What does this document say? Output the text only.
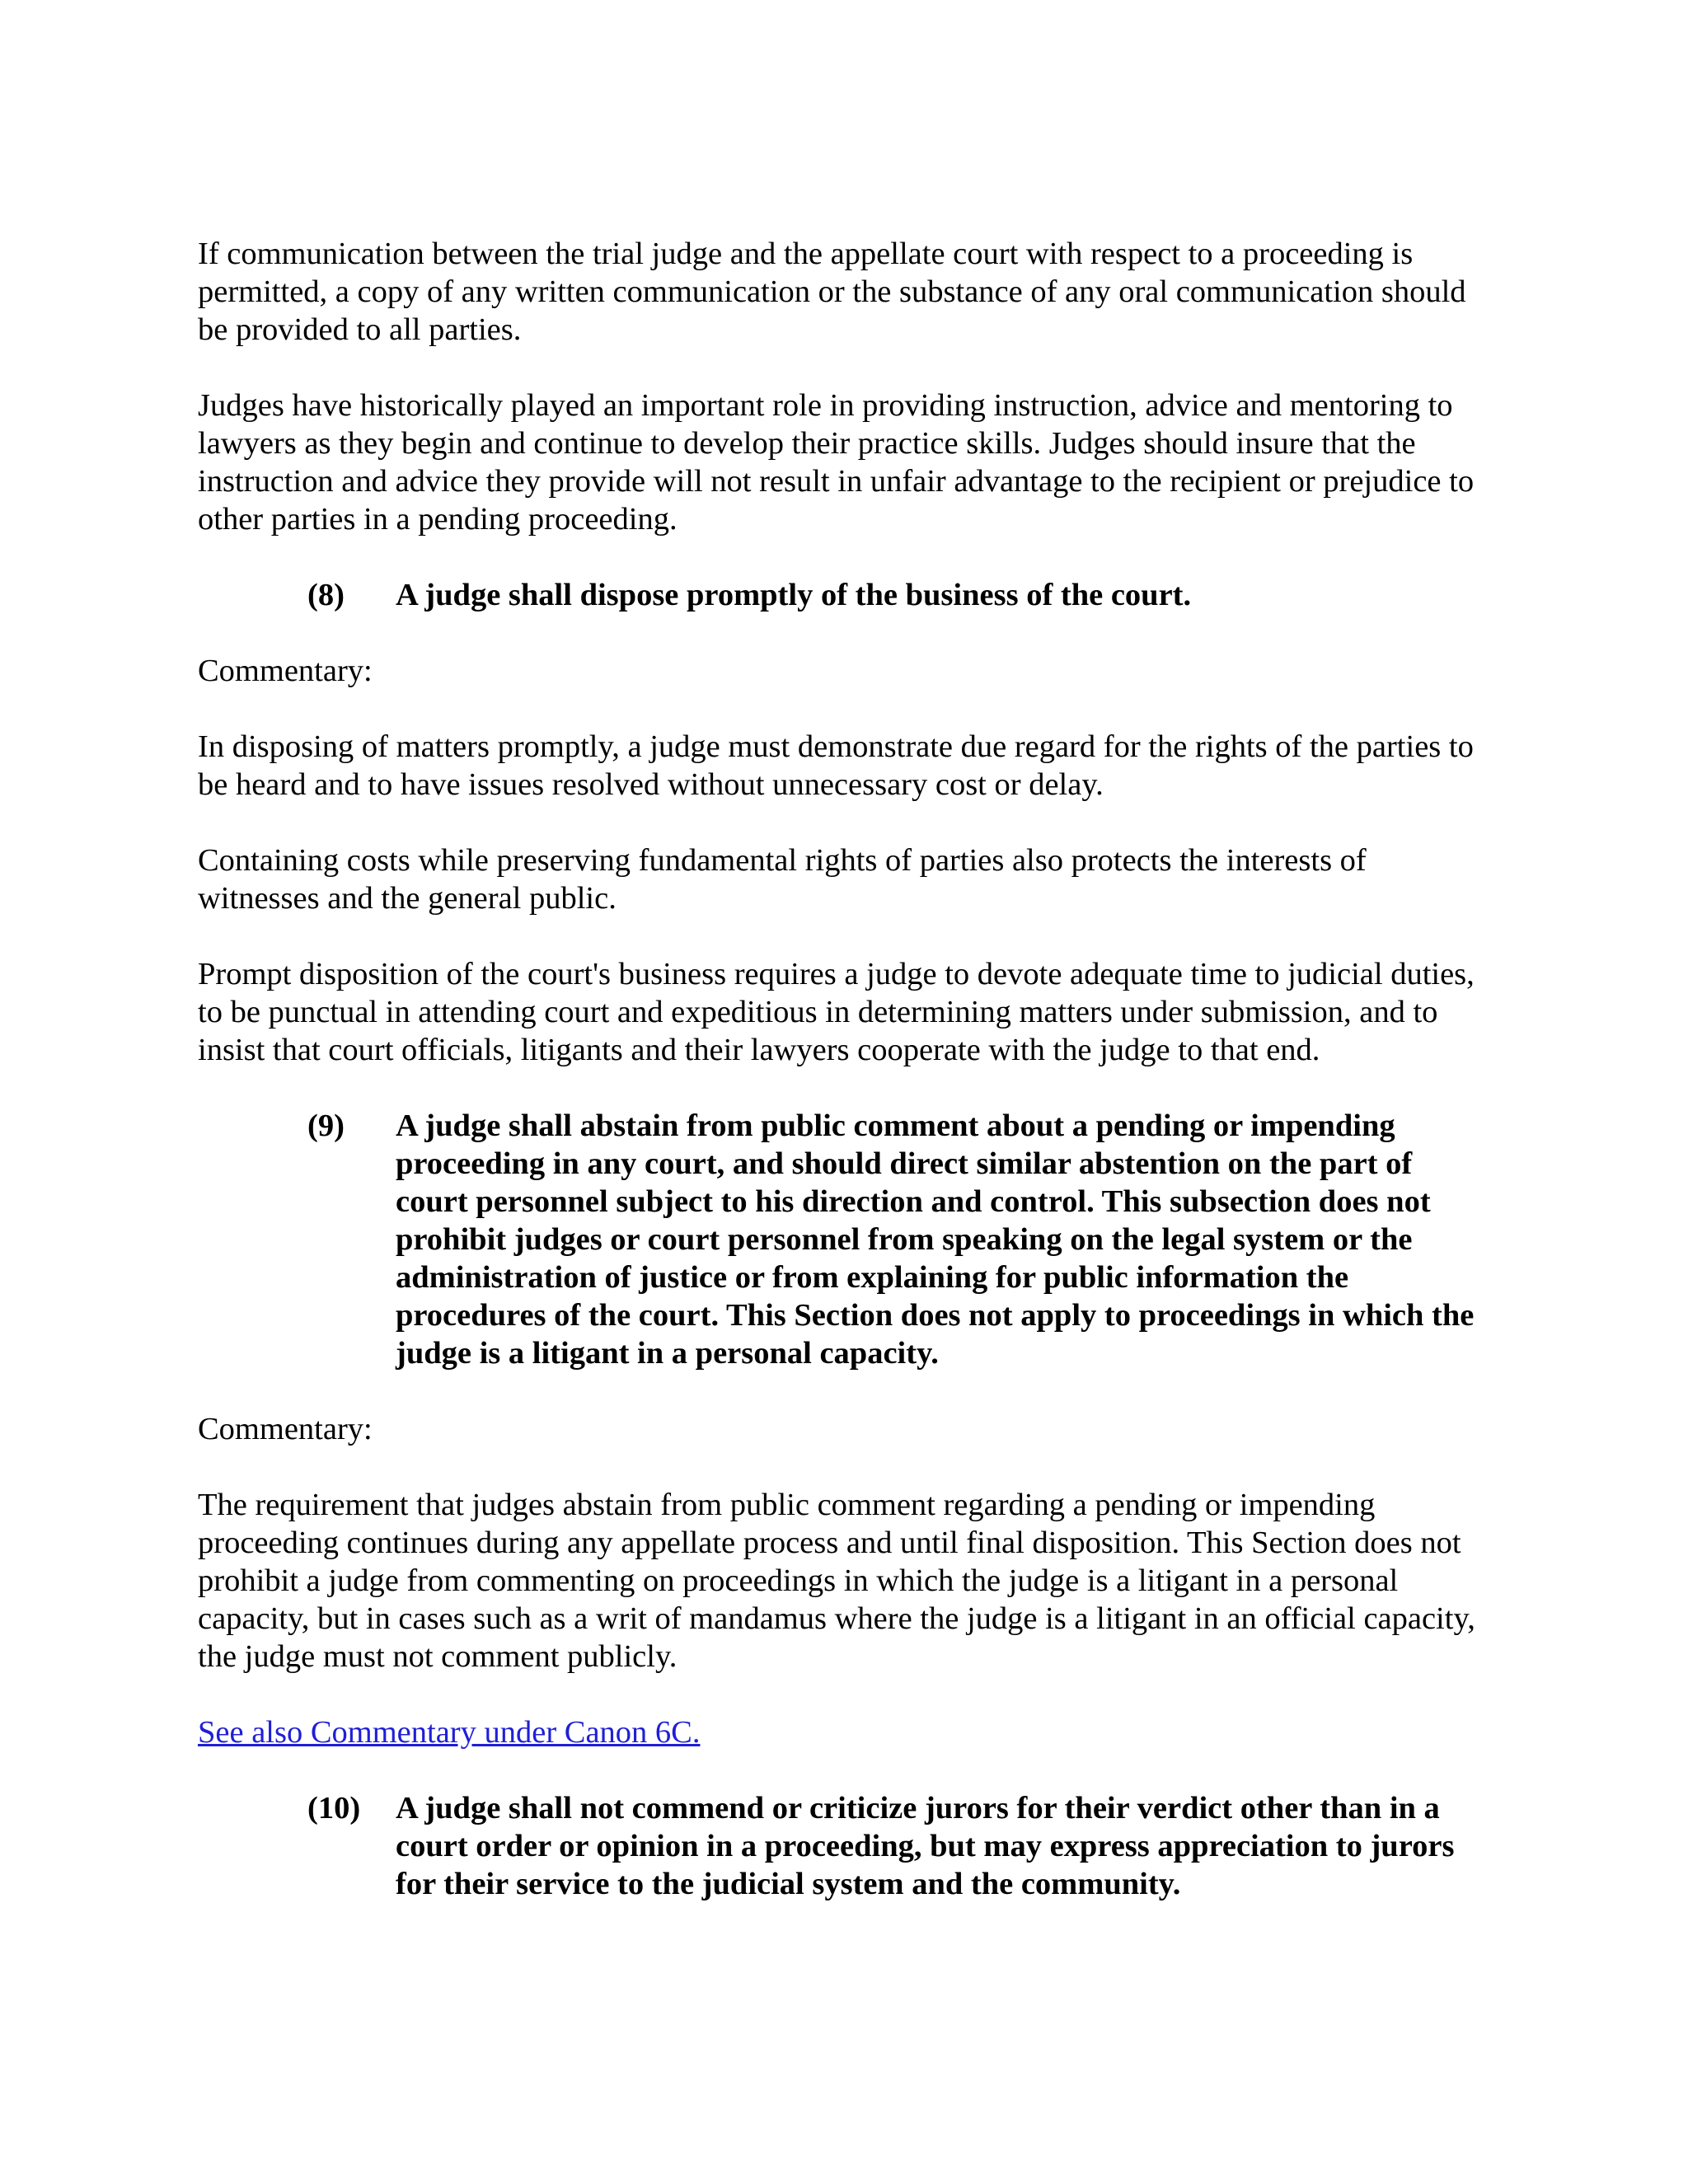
If communication between the trial judge and the appellate court with respect to a proceeding is permitted, a copy of any written communication or the substance of any oral communication should be provided to all parties.

Judges have historically played an important role in providing instruction, advice and mentoring to lawyers as they begin and continue to develop their practice skills. Judges should insure that the instruction and advice they provide will not result in unfair advantage to the recipient or prejudice to other parties in a pending proceeding.

(8) A judge shall dispose promptly of the business of the court.

Commentary:

In disposing of matters promptly, a judge must demonstrate due regard for the rights of the parties to be heard and to have issues resolved without unnecessary cost or delay.

Containing costs while preserving fundamental rights of parties also protects the interests of witnesses and the general public.

Prompt disposition of the court's business requires a judge to devote adequate time to judicial duties, to be punctual in attending court and expeditious in determining matters under submission, and to insist that court officials, litigants and their lawyers cooperate with the judge to that end.

(9) A judge shall abstain from public comment about a pending or impending proceeding in any court, and should direct similar abstention on the part of court personnel subject to his direction and control. This subsection does not prohibit judges or court personnel from speaking on the legal system or the administration of justice or from explaining for public information the procedures of the court. This Section does not apply to proceedings in which the judge is a litigant in a personal capacity.

Commentary:

The requirement that judges abstain from public comment regarding a pending or impending proceeding continues during any appellate process and until final disposition. This Section does not prohibit a judge from commenting on proceedings in which the judge is a litigant in a personal capacity, but in cases such as a writ of mandamus where the judge is a litigant in an official capacity, the judge must not comment publicly.

See also Commentary under Canon 6C.

(10) A judge shall not commend or criticize jurors for their verdict other than in a court order or opinion in a proceeding, but may express appreciation to jurors for their service to the judicial system and the community.
